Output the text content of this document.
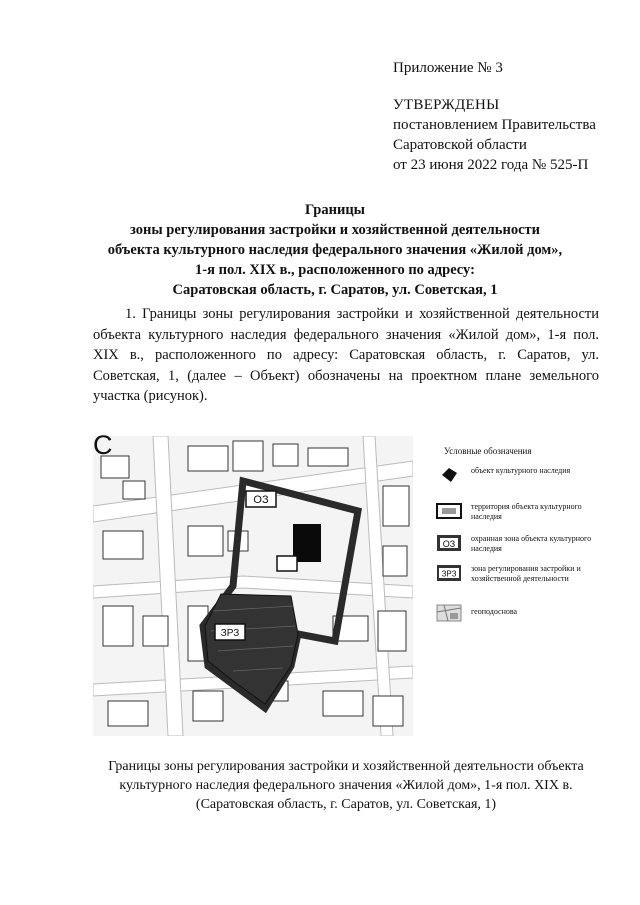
Приложение № 3
УТВЕРЖДЕНЫ
постановлением Правительства
Саратовской области
от 23 июня 2022 года № 525-П
Границы
зоны регулирования застройки и хозяйственной деятельности
объекта культурного наследия федерального значения «Жилой дом»,
1-я пол. XIX в., расположенного по адресу:
Саратовская область, г. Саратов, ул. Советская, 1
1. Границы зоны регулирования застройки и хозяйственной деятельности объекта культурного наследия федерального значения «Жилой дом», 1-я пол. XIX в., расположенного по адресу: Саратовская область, г. Саратов, ул. Советская, 1, (далее – Объект) обозначены на проектном плане земельного участка (рисунок).
ОЗ
ЗРЗ
С	Условные обозначения
объект культурного наследия
территория объекта культурного наследия
ОЗ
охранная зона объекта культурного наследия
ЗРЗ
зона регулирования застройки и хозяйственной деятельности
геоподоснова
Границы зоны регулирования застройки и хозяйственной деятельности объекта
культурного наследия федерального значения «Жилой дом», 1-я пол. XIX в.
(Саратовская область, г. Саратов, ул. Советская, 1)
